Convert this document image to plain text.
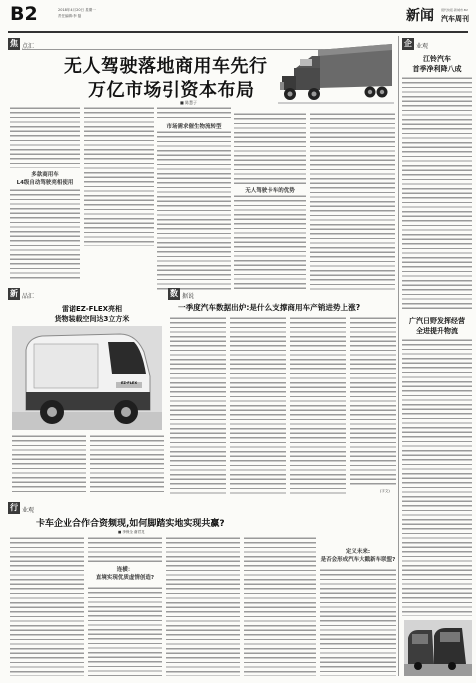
B2	2018年4月20日 星期一
责任编辑:李 磊	新闻 现代快报·新城市·B2
汽车周刊
焦 点汇
无人驾驶落地商用车先行
万亿市场引资本布局
■ 陈慧子
多款商用车
L4级自动驾驶亮相使用
市场需求催生物流转型
无人驾驶卡车的优势
新 品汇
雷诺EZ-FLEX亮相
货物装载空间达3立方米
EZ-FLEX
数 据说
一季度汽车数据出炉:是什么支撑商用车产销进势上涨?
(宇文)
行 业观
卡车企业合作合资频现,如何脚踏实地实现共赢?
■ 李保全 谢君龙
连横：
直境实现优质虚情创造?
定义未来:
是否会形成汽车大戳新车联盟?
企 业观
江铃汽车
首季净利降八成
广汽日野发挥经营
全进提升物流
